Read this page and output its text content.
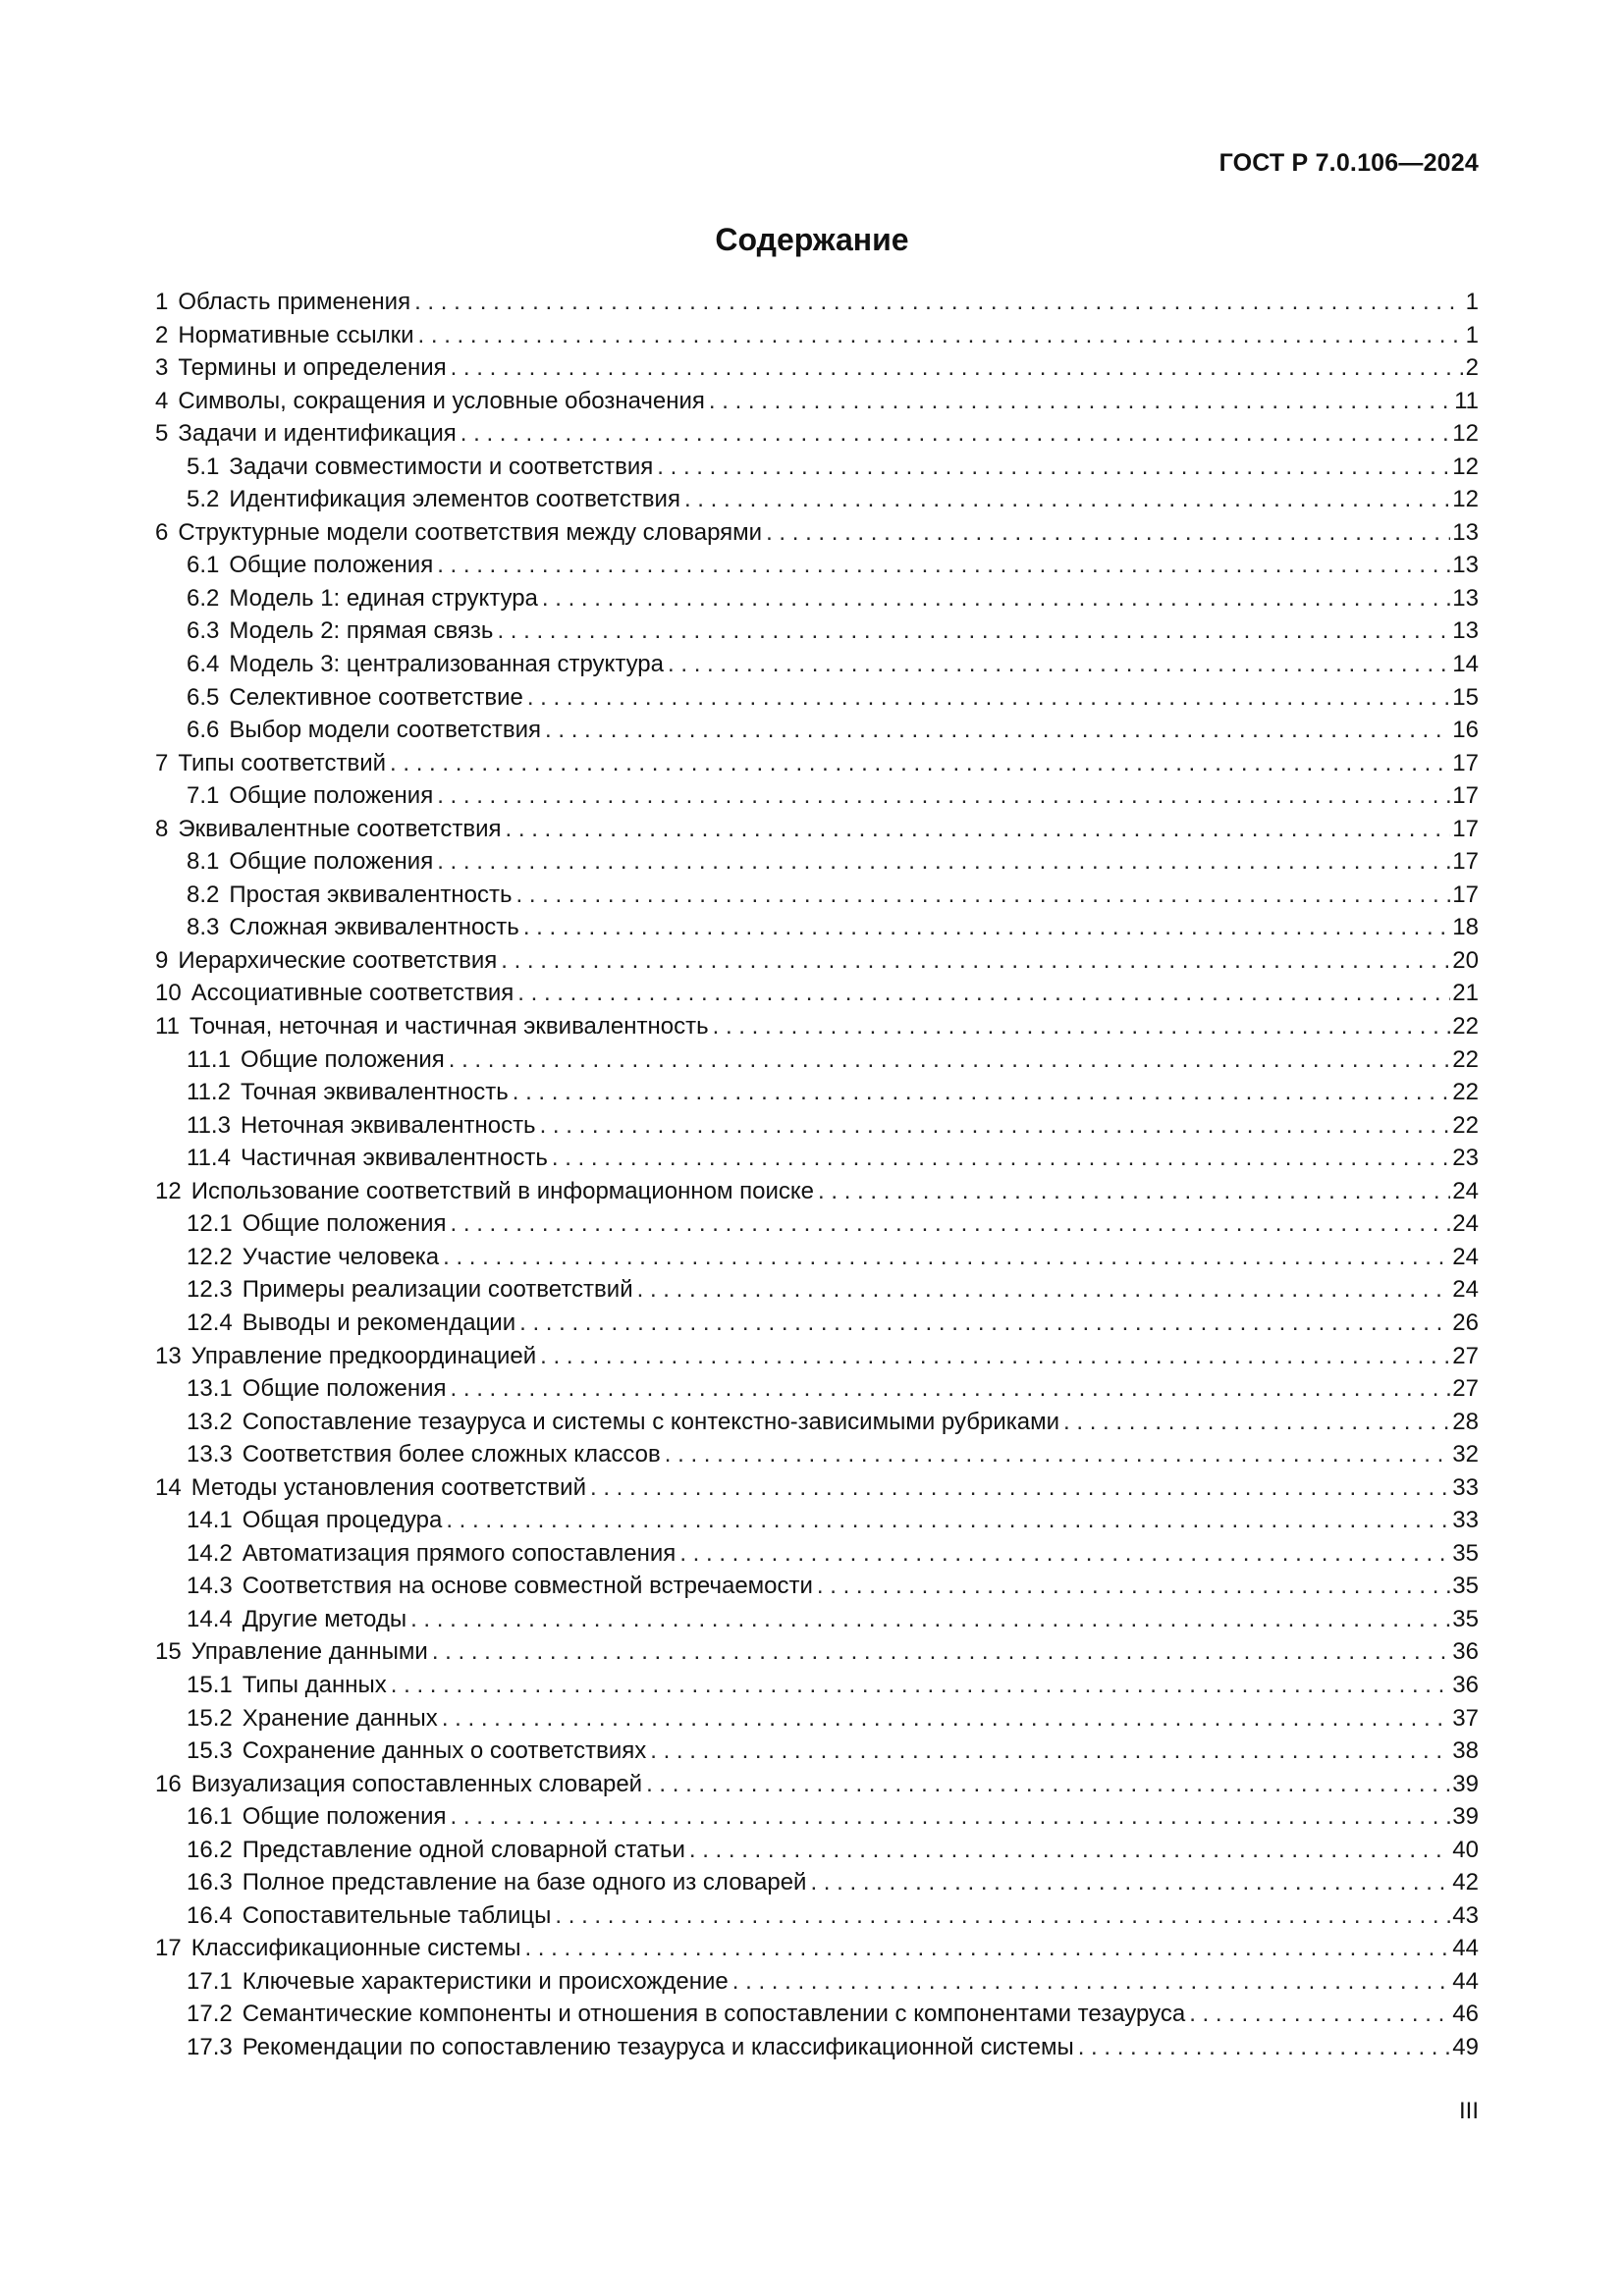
ГОСТ Р 7.0.106—2024
Содержание
1 Область применения . . .	1
2 Нормативные ссылки . . .	1
3 Термины и определения . . .	2
4 Символы, сокращения и условные обозначения . . .	11
5 Задачи и идентификация . . .	12
5.1 Задачи совместимости и соответствия . . .	12
5.2 Идентификация элементов соответствия . . .	12
6 Структурные модели соответствия между словарями . . .	13
6.1 Общие положения . . .	13
6.2 Модель 1: единая структура . . .	13
6.3 Модель 2: прямая связь . . .	13
6.4 Модель 3: централизованная структура . . .	14
6.5 Селективное соответствие . . .	15
6.6 Выбор модели соответствия . . .	16
7 Типы соответствий . . .	17
7.1 Общие положения . . .	17
8 Эквивалентные соответствия . . .	17
8.1 Общие положения . . .	17
8.2 Простая эквивалентность . . .	17
8.3 Сложная эквивалентность . . .	18
9 Иерархические соответствия . . .	20
10 Ассоциативные соответствия . . .	21
11 Точная, неточная и частичная эквивалентность . . .	22
11.1 Общие положения . . .	22
11.2 Точная эквивалентность . . .	22
11.3 Неточная эквивалентность . . .	22
11.4 Частичная эквивалентность . . .	23
12 Использование соответствий в информационном поиске . . .	24
12.1 Общие положения . . .	24
12.2 Участие человека . . .	24
12.3 Примеры реализации соответствий . . .	24
12.4 Выводы и рекомендации . . .	26
13 Управление предкоординацией . . .	27
13.1 Общие положения . . .	27
13.2 Сопоставление тезауруса и системы с контекстно-зависимыми рубриками . . .	28
13.3 Соответствия более сложных классов . . .	32
14 Методы установления соответствий . . .	33
14.1 Общая процедура . . .	33
14.2 Автоматизация прямого сопоставления . . .	35
14.3 Соответствия на основе совместной встречаемости . . .	35
14.4 Другие методы . . .	35
15 Управление данными . . .	36
15.1 Типы данных . . .	36
15.2 Хранение данных . . .	37
15.3 Сохранение данных о соответствиях . . .	38
16 Визуализация сопоставленных словарей . . .	39
16.1 Общие положения . . .	39
16.2 Представление одной словарной статьи . . .	40
16.3 Полное представление на базе одного из словарей . . .	42
16.4 Сопоставительные таблицы . . .	43
17 Классификационные системы . . .	44
17.1 Ключевые характеристики и происхождение . . .	44
17.2 Семантические компоненты и отношения в сопоставлении с компонентами тезауруса . . .	46
17.3 Рекомендации по сопоставлению тезауруса и классификационной системы . . .	49
III
